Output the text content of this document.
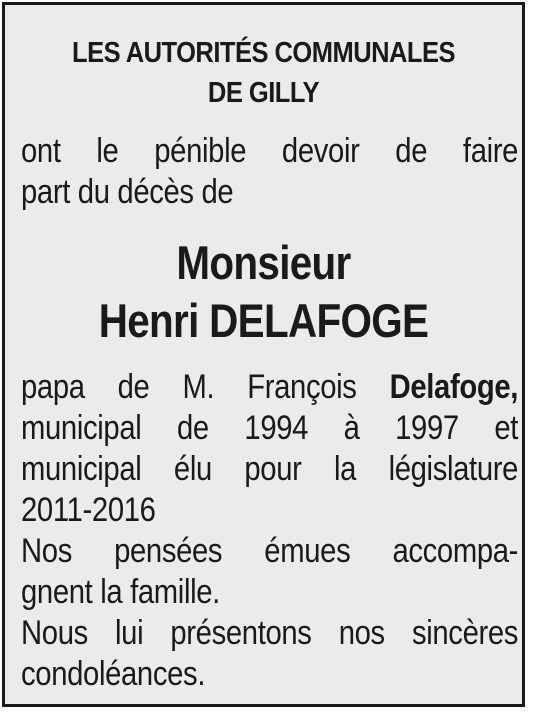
LES AUTORITÉS COMMUNALES
DE GILLY
ont le pénible devoir de faire
part du décès de
Monsieur
Henri DELAFOGE
papa de M. François Delafoge,
municipal de 1994 à 1997 et
municipal élu pour la législature
2011-2016
Nos pensées émues accompa-
gnent la famille.
Nous lui présentons nos sincères
condoléances.
